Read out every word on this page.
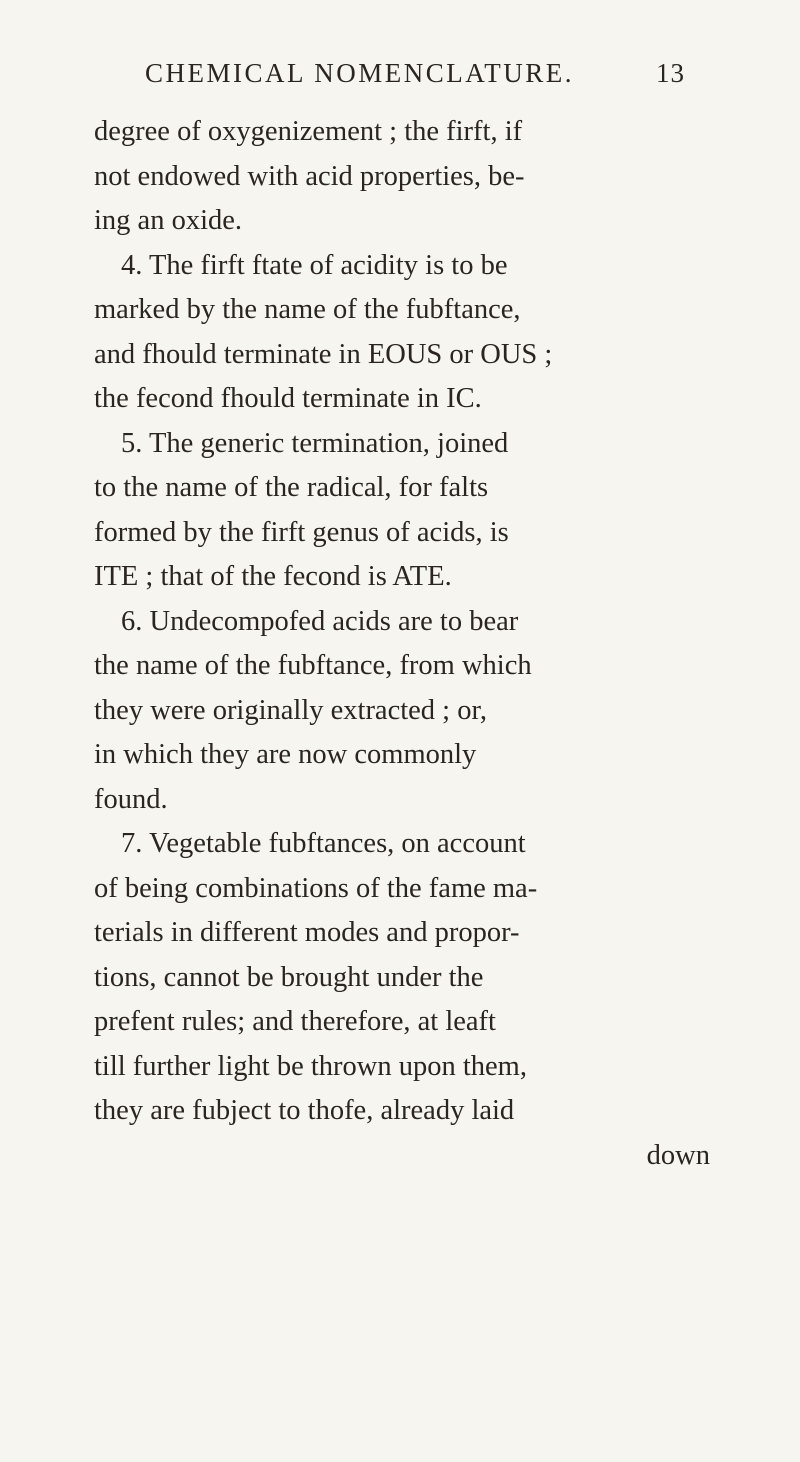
CHEMICAL NOMENCLATURE.	13
degree of oxygenizement ; the firft, if
not endowed with acid properties, be-
ing an oxide.
4. The firft ftate of acidity is to be
marked by the name of the fubftance,
and fhould terminate in EOUS or OUS ;
the fecond fhould terminate in IC.
5. The generic termination, joined
to the name of the radical, for falts
formed by the firft genus of acids, is
ITE ; that of the fecond is ATE.
6. Undecompofed acids are to bear
the name of the fubftance, from which
they were originally extracted ; or,
in which they are now commonly
found.
7. Vegetable fubftances, on account
of being combinations of the fame ma-
terials in different modes and propor-
tions, cannot be brought under the
prefent rules; and therefore, at leaft
till further light be thrown upon them,
they are fubject to thofe, already laid
down
